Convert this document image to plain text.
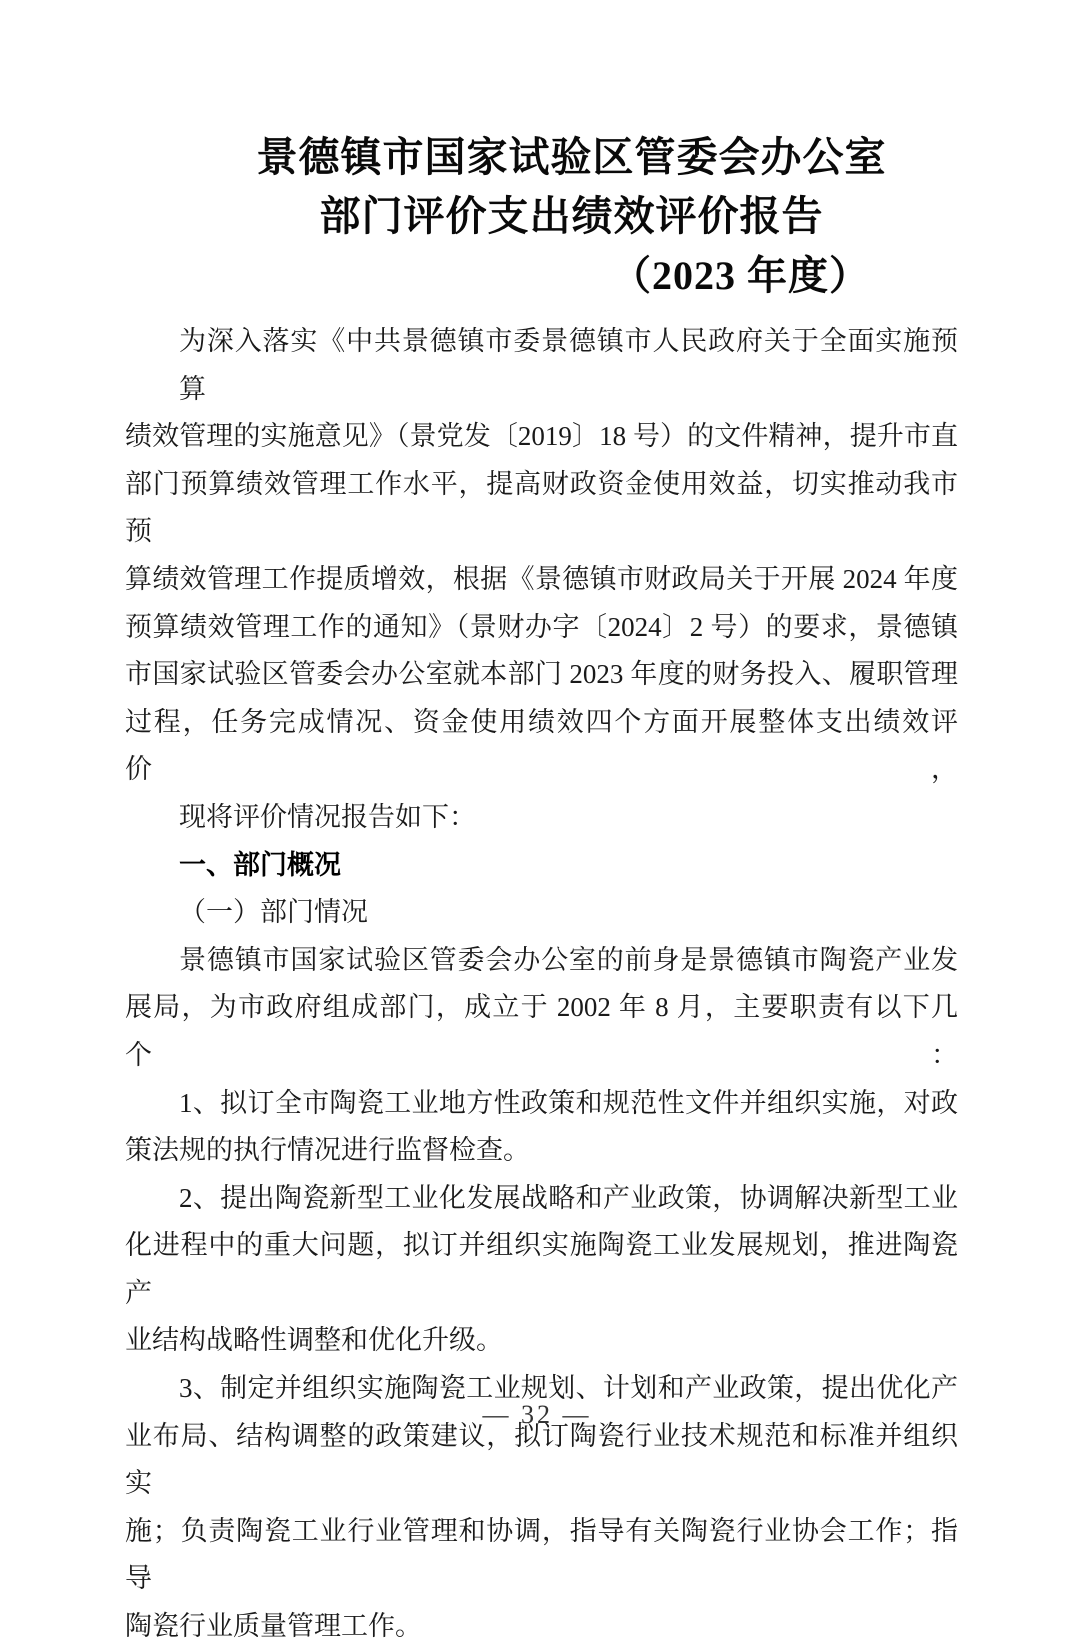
景德镇市国家试验区管委会办公室
部门评价支出绩效评价报告
（2023 年度）
为深入落实《中共景德镇市委景德镇市人民政府关于全面实施预算
绩效管理的实施意见》（景党发〔2019〕18 号）的文件精神，提升市直
部门预算绩效管理工作水平，提高财政资金使用效益，切实推动我市预
算绩效管理工作提质增效，根据《景德镇市财政局关于开展 2024 年度
预算绩效管理工作的通知》（景财办字〔2024〕2 号）的要求，景德镇
市国家试验区管委会办公室就本部门 2023 年度的财务投入、履职管理
过程，任务完成情况、资金使用绩效四个方面开展整体支出绩效评价，
现将评价情况报告如下：
一、部门概况
（一）部门情况
景德镇市国家试验区管委会办公室的前身是景德镇市陶瓷产业发
展局，为市政府组成部门，成立于 2002 年 8 月，主要职责有以下几个：
1、拟订全市陶瓷工业地方性政策和规范性文件并组织实施，对政
策法规的执行情况进行监督检查。
2、提出陶瓷新型工业化发展战略和产业政策，协调解决新型工业
化进程中的重大问题，拟订并组织实施陶瓷工业发展规划，推进陶瓷产
业结构战略性调整和优化升级。
3、制定并组织实施陶瓷工业规划、计划和产业政策，提出优化产
业布局、结构调整的政策建议，拟订陶瓷行业技术规范和标准并组织实
施；负责陶瓷工业行业管理和协调，指导有关陶瓷行业协会工作；指导
陶瓷行业质量管理工作。
— 32 —
